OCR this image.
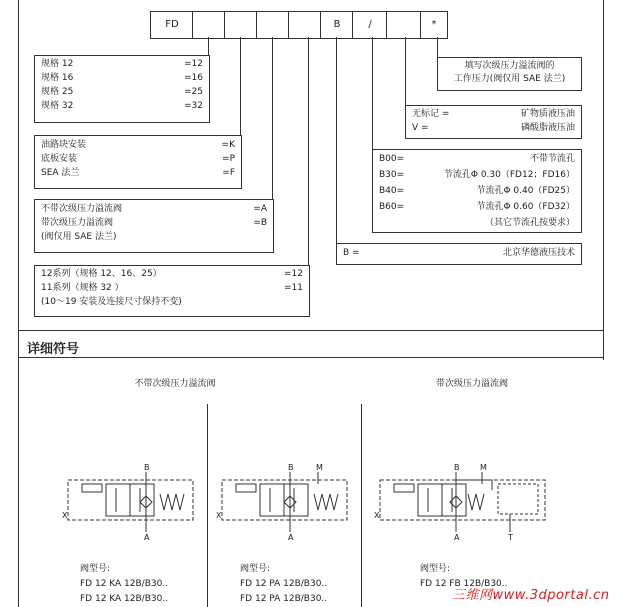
FD	B	/	*
规格 12	=12
规格 16	=16
规格 25	=25
规格 32	=32
油路块安装	=K
底板安装	=P
SEA 法兰	=F
不带次级压力溢流阀	=A
带次级压力溢流阀	=B
(阀仅用 SAE 法兰)
12系列（规格 12、16、25）	=12
11系列（规格 32 ）	=11
(10～19 安装及连接尺寸保持不变)
填写次级压力溢流阀的
工作压力(阀仅用 SAE 法兰)
无标记 =	矿物质液压油
V =	磷酸脂液压油
B00=	不带节流孔
B30=	节流孔Φ 0.30（FD12；FD16）
B40=	节流孔Φ 0.40（FD25）
B60=	节流孔Φ 0.60（FD32）
（其它节流孔按要求）
B =	北京华德液压技术
详细符号
不带次级压力溢流阀	带次级压力溢流阀
B
A
X
B	M
A
X
B	M
A	T
X
阀型号:
FD 12 KA 12B/B30..
FD 12 KA 12B/B30..
阀型号:
FD 12 PA 12B/B30..
FD 12 PA 12B/B30..
阀型号:
FD 12 FB 12B/B30..
三维网www.3dportal.cn
